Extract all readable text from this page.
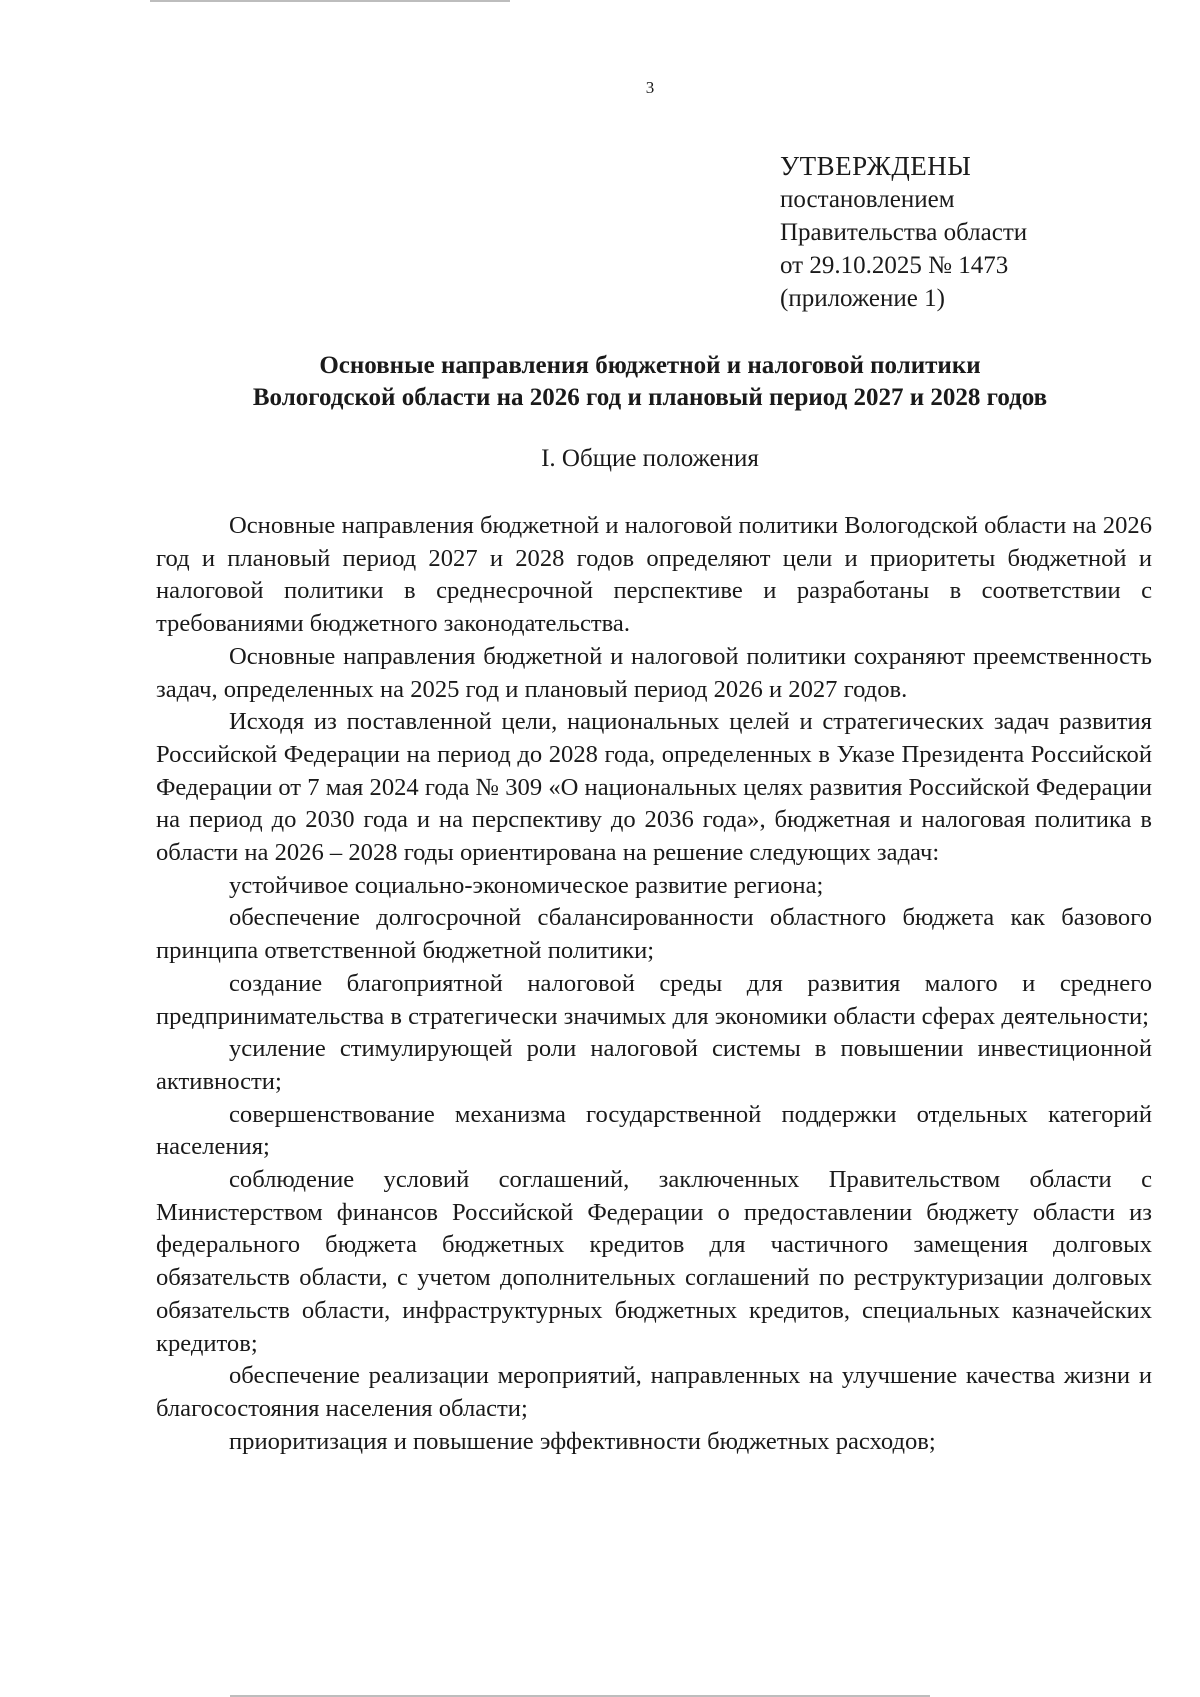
3
УТВЕРЖДЕНЫ
постановлением
Правительства области
от 29.10.2025 № 1473
(приложение 1)
Основные направления бюджетной и налоговой политики
Вологодской области на 2026 год и плановый период 2027 и 2028 годов
I. Общие положения

Основные направления бюджетной и налоговой политики Вологодской области на 2026 год и плановый период 2027 и 2028 годов определяют цели и приоритеты бюджетной и налоговой политики в среднесрочной перспективе и разработаны в соответствии с требованиями бюджетного законодательства.

Основные направления бюджетной и налоговой политики сохраняют преемственность задач, определенных на 2025 год и плановый период 2026 и 2027 годов.

Исходя из поставленной цели, национальных целей и стратегических задач развития Российской Федерации на период до 2028 года, определенных в Указе Президента Российской Федерации от 7 мая 2024 года № 309 «О национальных целях развития Российской Федерации на период до 2030 года и на перспективу до 2036 года», бюджетная и налоговая политика в области на 2026 – 2028 годы ориентирована на решение следующих задач:

устойчивое социально-экономическое развитие региона;

обеспечение долгосрочной сбалансированности областного бюджета как базового принципа ответственной бюджетной политики;

создание благоприятной налоговой среды для развития малого и среднего предпринимательства в стратегически значимых для экономики области сферах деятельности;

усиление стимулирующей роли налоговой системы в повышении инвестиционной активности;

совершенствование механизма государственной поддержки отдельных категорий населения;

соблюдение условий соглашений, заключенных Правительством области с Министерством финансов Российской Федерации о предоставлении бюджету области из федерального бюджета бюджетных кредитов для частичного замещения долговых обязательств области, с учетом дополнительных соглашений по реструктуризации долговых обязательств области, инфраструктурных бюджетных кредитов, специальных казначейских кредитов;

обеспечение реализации мероприятий, направленных на улучшение качества жизни и благосостояния населения области;

приоритизация и повышение эффективности бюджетных расходов;
